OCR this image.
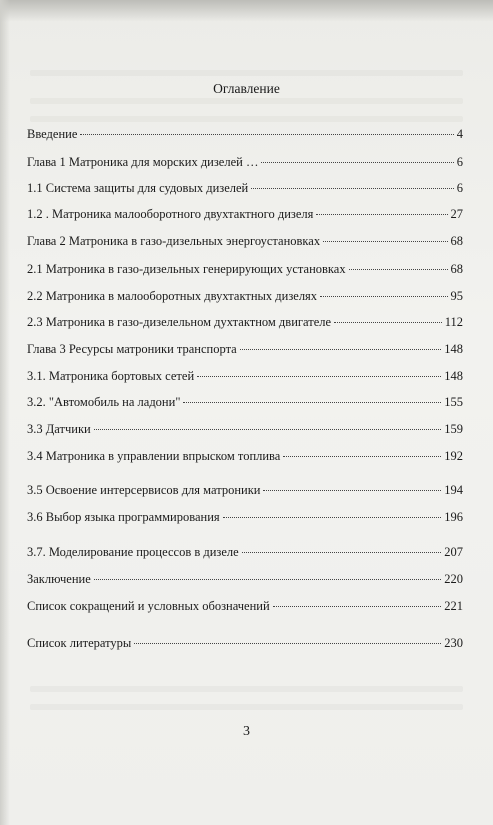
Оглавление
Введение	4
Глава 1 Матроника для морских дизелей …	6
1.1 Система защиты для судовых дизелей	6
1.2 . Матроника малооборотного двухтактного дизеля	27
Глава 2 Матроника в газо-дизельных энергоустановках	68
2.1 Матроника в газо-дизельных генерирующих установках	68
2.2 Матроника в малооборотных двухтактных дизелях	95
2.3 Матроника в газо-дизелельном духтактном двигателе	112
Глава 3 Ресурсы матроники транспорта	148
3.1. Матроника бортовых сетей	148
3.2. "Автомобиль на ладони"	155
3.3 Датчики	159
3.4 Матроника в управлении впрыском топлива	192
3.5 Освоение интерсервисов для матроники	194
3.6 Выбор языка программирования	196
3.7. Моделирование процессов в дизеле	207
Заключение	220
Список сокращений и условных обозначений	221
Список литературы	230
3
